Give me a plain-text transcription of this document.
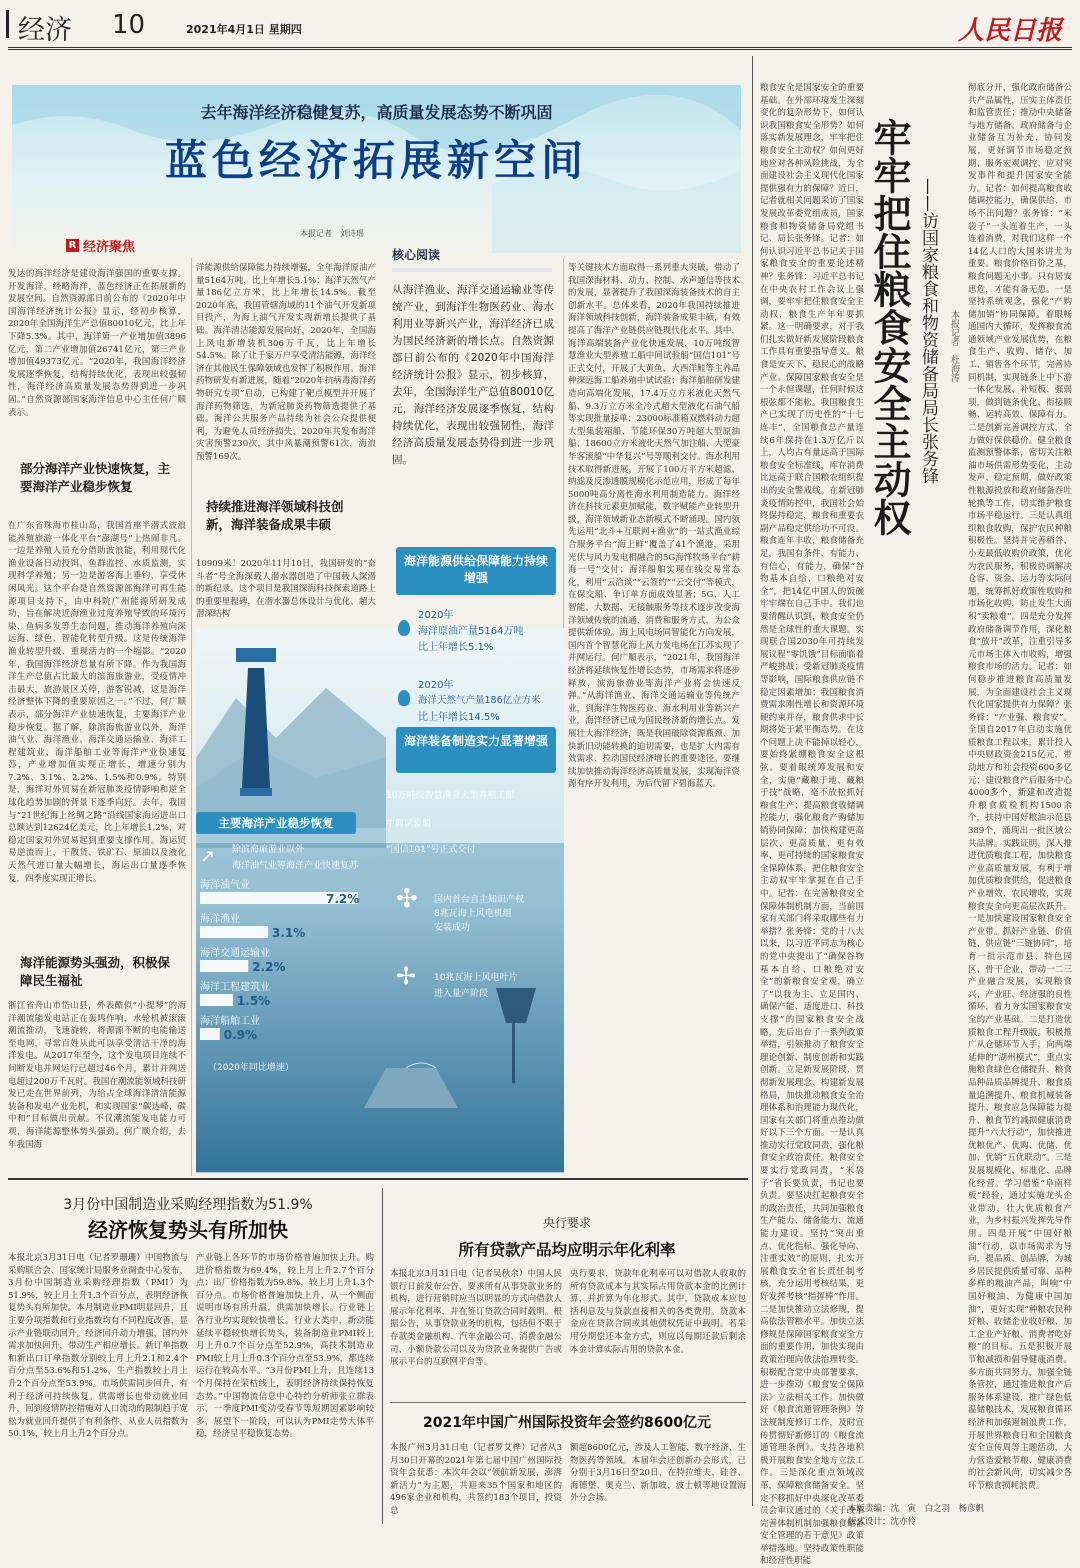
经济 10	2021年4月1日 星期四	人民日报
去年海洋经济稳健复苏，高质量发展态势不断巩固
蓝色经济拓展新空间
本报记者　刘诗瑶
R 经济聚焦
发达的海洋经济是建设海洋强国的重要支撑。开发海洋，经略海洋，蓝色经济正在拓展新的发展空间。自然资源部日前公布的《2020年中国海洋经济统计公报》显示，经初步核算，2020年全国海洋生产总值80010亿元，比上年下降5.3%。其中，海洋第一产业增加值3896亿元，第二产业增加值26741亿元，第三产业增加值49373亿元。“2020年，我国海洋经济发展逐季恢复，结构持续优化，表现出较强韧性，海洋经济高质量发展态势得到进一步巩固。”自然资源部国家海洋信息中心主任何广顺表示。
部分海洋产业快速恢复，主要海洋产业稳步恢复
在广东省珠海市桂山岛，我国首座半潜式波浪能养殖旅游一体化平台“澎湖号”上热闹非凡。一边是养殖人员充分借助波浪能，利用现代化渔业设备日动投饵、鱼群监控、水质监测，实现科学养殖；另一边是游客海上垂钓，享受休闲风光。这个平台是自然资源部海洋可再生能源项目支持下，由中科院广州能源所研发成功，旨在解决近海渔业过度养殖导致的环境污染、鱼病多发等生态问题，推动海洋养殖向深远海、绿色、智能化转型升级。这是传统海洋渔业转型升级、重现活力的一个缩影。“2020年，我国海洋经济总量有所下降。作为我国海洋生产总值占比最大的滨海旅游业，受疫情冲击最大，旅游景区关停，游客锐减，这是海洋经济整体下降的重要原因之一。”不过，何广顺表示，部分海洋产业快速恢复，主要海洋产业稳步恢复。据了解，除滨海旅游业以外，海洋油气业、海洋渔业、海洋交通运输业、海洋工程建筑业、海洋船舶工业等海洋产业快速复苏，产业增加值实现正增长，增速分别为7.2%、3.1%、2.2%、1.5%和0.9%。特别是，海洋对外贸易在新冠肺炎疫情影响和逆全球化趋势加剧的背景下逐季向好。去年，我国与“21世纪海上丝绸之路”沿线国家海运进出口总额达到12624亿美元，比上年增长1.2%，对稳定国家对外贸易起到重要支撑作用。海运贸易逆流而上，干散货、铁矿石、原油以及液化天然气进口量大幅增长，海运出口量逐季恢复，四季度实现正增长。
海洋能源势头强劲，积极保障民生福祉
浙江省舟山市岱山县，外表酷似“小提琴”的海洋潮流能发电站正在轰鸣作响，水轮机被滚滚潮流推动，飞速旋转，将源源不断的电能输送至电网，寻常百姓从此可以享受清洁干净的海洋发电。从2017年至今，这个发电项目连续不间断发电并网运行已超过46个月，累计并网送电超过200万千瓦时。我国在潮流能领域科技研发已走在世界前列，为给占全球海洋清洁能源装备和发电产业先机，和实现国家“碳达峰、碳中和”目标做出贡献。不仅潮流能发电能力可观，海洋能源整体势头强劲。何广顺介绍，去年我国海
洋能源供给保障能力持续增强，全年海洋原油产量5164万吨，比上年增长5.1%；海洋天然气产量186亿立方米，比上年增长14.5%。截至2020年底，我国管辖海域的11个油气开发新项目投产，为海上油气开发实现新增长提供了基础。海洋清洁能源发展向好，2020年，全国海上风电新增装机306万千瓦，比上年增长54.5%。除了让千家万户享受清洁能源，海洋经济在其他民生保障领域也发挥了积极作用。海洋药物研发有新进展，随着“2020年抗病毒海洋药物研究专项”启动，已构建了靶点模型并开展了海洋药物筛选，为新冠肺炎药物筛选提供了基础。海洋公共服务产品持续为社会公众提供便利，为避免人员经济损失，2020年共发布海洋灾害预警230次，其中风暴潮预警61次，海浪预警169次。
持续推进海洋领域科技创新，海洋装备成果丰硕
10909米！2020年11月10日，我国研发的“奋斗者”号全海深载人潜水器创造了中国载人深潜的新纪录。这个项目是我国深海科技探索道路上的重要里程碑，在潜水器总体设计与优化、超大潜深结构
核心阅读
从海洋渔业、海洋交通运输业等传统产业，到海洋生物医药业、海水利用业等新兴产业，海洋经济已成为国民经济新的增长点。自然资源部日前公布的《2020年中国海洋经济统计公报》显示，初步核算，去年，全国海洋生产总值80010亿元，海洋经济发展逐季恢复，结构持续优化，表现出较强韧性，海洋经济高质量发展态势得到进一步巩固。
等关键技术方面取得一系列重大突破，带动了我国深海材料、动力、控制、水声通信等技术的发展，显著提升了我国深海装备技术的自主创新水平。总体来看，2020年我国持续推进海洋领域科技创新，海洋装备成果丰硕，有效提高了海洋产业链供应链现代化水平。其中，海洋高端装备产业化快速发展，10万吨级智慧渔业大型养殖工船中间试验船“国信101”号正式交付，开展了大黄鱼、大西洋鲑等主养品种深远海工船养殖中试试验；海洋船舶研发建造向高端化发展，17.4万立方米液化天然气船、9.3万立方米全冷式超大型液化石油气船等实现批量接单；23000标准箱双燃料动力超大型集装箱船、节能环保30万吨超大型原油船、18600立方米液化天然气加注船、大型豪华客滚船“中华复兴”号等顺利交付。海水利用技术取得新进展，开展了100万平方米超滤、纳滤及反渗透膜规模化示范应用，形成了每年5000吨高分离性海水利用制造能力。海洋经济在科技元素更加赋能，数字赋能产业转型升级，海洋领域新业态新模式不断涌现。国内领先运用“北斗+互联网+渔业”的一站式渔业综合服务平台“海上鲜”覆盖了41个渔港，采用光伏与风力发电相融合的5G海洋牧场平台“耕海一号”交付；海洋船舶实现在线交易常态化，利用“云洽谈”“云签约”“云交付”等模式，在保交船、争订单方面成效显著；5G、人工智能、大数据、无接触服务等技术逐步改变海洋领域传统的流通、消费和服务方式，为公众提供新体验。海上风电场同智能化方向发展，国内首个智慧化海上风力发电场在江苏实现了并网运行。何广顺表示，“2021年，我国海洋经济将延续恢复性增长态势，市场需求将逐步释放，滨海旅游业等海洋产业将会快速反弹。”从海洋渔业、海洋交通运输业等传统产业，到海洋生物医药业、海水利用业等新兴产业，海洋经济已成为国民经济新的增长点。发展壮大海洋经济，既是我国破除资源瓶颈、加快新旧动能转换的迫切需要，也是扩大内需有效需求、拉动国民经济增长的重要途径。要继续加快推动海洋经济高质量发展，实现海洋资源有序开发利用，为后代留下碧海蓝天。
海洋能源供给保障能力持续增强
2020年
海洋原油产量5164万吨
比上年增长5.1%
2020年
海洋天然气产量186亿立方米
比上年增长14.5%
海洋装备制造实力显著增强
10万吨级智慧渔业大型养殖工船
中间试验船
“国信101”号正式交付
✣ 国内首台自主知识产权
8兆瓦海上风电机组
安装成功
✢ 10兆瓦海上风电叶片
进入量产阶段
主要海洋产业稳步恢复
↗ 除滨海旅游业以外
海洋油气业等海洋产业快速复苏
海洋油气业
7.2%
海洋渔业
3.1%
海洋交通运输业
2.2%
海洋工程建筑业
1.5%
海洋船舶工业
0.9%
（2020年同比增速）
粮食安全是国家安全的重要基础。在外部环境发生深刻变化的复杂形势下，如何认识我国粮食安全形势？如何落实新发展理念，牢牢把住粮食安全主动权？如何更好地应对各种风险挑战，为全面建设社会主义现代化国家提供强有力的保障？近日，记者就相关问题采访了国家发展改革委党组成员，国家粮食和物资储备局党组书记、局长张务锋。记者：如何认识习近平总书记关于国家粮食安全的重要论述精神？张务锋：习近平总书记在中央农村工作会议上强调，要牢牢把住粮食安全主动权，粮食生产年年要抓紧。这一明确要求，对于我们扎实做好新发展阶段粮食工作具有重要指导意义。粮食是安天下、稳民心的战略产业。保障国家粮食安全是一个永恒课题，任何时候这根弦都不能松。我国粮食生产已实现了历史性的“十七连丰”，全国粮食总产量连续6年保持在1.3万亿斤以上，人均占有量远高于国际粮食安全标准线，库存消费比远高于联合国粮农组织提出的安全警戒线。在新冠肺炎疫情防控中，我国社会始终保持稳定，粮食和重要农副产品稳定供给功不可没。粮食连年丰收，粮食储备充足，我国有条件、有能力、有信心，有能力，确保“谷物基本自给、口粮绝对安全”，把14亿中国人的饭碗牢牢端在自己手中。我们也要清醒认识到，粮食安全仍然是全球性的重大课题。实现联合国2030年可持续发展议程“零饥饿”目标面临着严峻挑战；受新冠肺炎疫情等影响，国际粮食供应链不稳定因素增加；我国粮食消费需求刚性增长和资源环境硬约束并存，粮食供求中长期将处于紧平衡态势。在这个问题上决不能掉以轻心，要始终紧绷粮食安全这根弦。要着眼统筹发展和安全，实施“藏粮于地、藏粮于技”战略，毫不放松抓好粮食生产；提高粮食收储调控能力，强化粮食产购储加销协同保障；加快构建更高层次、更高质量、更有效率、更可持续的国家粮食安全保障体系，把住粮食安全主动权牢牢掌握在自己手中。记者：在完善粮食安全保障体制机制方面，当前国家有关部门将采取哪些有力举措？张务锋：党的十八大以来，以习近平同志为核心的党中央提出了“确保谷物基本自给、口粮绝对安全”的新粮食安全观，确立了“以我为主、立足国内、确保产能、适度进口、科技支撑”的国家粮食安全战略，先后出台了一系列政策举措，引领推动了粮食安全理论创新、制度创新和实践创新。立足新发展阶段、贯彻新发展理念、构建新发展格局，加快推动粮食安全治理体系和治理能力现代化，国家有关部门将重点推动做好以下三个方面。一是认真推动实行党政同责，强化粮食安全政治责任。粮食安全要实行党政同责，“米袋子”省长要负责，书记也要负责。要坚决扛起粮食安全的政治责任，共同加强粮食生产能力、储备能力、流通能力建设。坚持“突出重点、优化指标、强化导向、注重实效”的原则，扎实开展粮食安全省长责任制考核，充分运用考核结果，更好发挥考核“指挥棒”作用。二是加快推动立法修规，提高依法管粮水平。加快立法修规是保障国家粮食安全方面的重要作用，加快实现由政策治理向依法治理转变。积极配合党中央部署要求，进一步推动《粮食安全保障法》立法相关工作。加快做好《粮食流通管理条例》等法规制度修订工作，及时宣传贯彻好新修订的《粮食流通管理条例》。支持各地积极开展粮食安全地方立法工作。三是深化重点领域改革，保障粮食储备安全。坚定不移抓好中央深化改革委员会审议通过的《关于改革完善体制机制加强粮食储备安全管理的若干意见》政策举措落地。坚持政策性职能和经营性职能
牢牢把住粮食安全主动权 ——访国家粮食和物资储备局局长张务锋	本报记者　杜海涛
彻底分开，强化政府储备公共产品属性，压实主体责任和监管责任；推动中央储备与地方储备、政府储备与企业储备互为补充、协同发展，更好调节市场稳定预期、服务宏观调控、应对突发事件和提升国家安全能力。记者：如何提高粮食收储调控能力，确保供给、市场不出问题？张务锋：“米袋子”一头连着生产，一头连着消费，对我们这样一个14亿人口的大国来讲尤为重要。粮食价格百价之基，粮食问题无小事。只有居安思危，才能有备无患。一是坚持系统观念，强化“产购储加销”协同保障。着眼畅通国内大循环，发挥粮食流通领域产业发展优势，在粮食生产、收购、储存、加工、销售各个环节，完善协同机制，实现链条上中下游一体化发展、补短板、强弱项，做到链条优化、衔接顺畅、运转高效、保障有力。二是创新完善调控方式，全力做好保供稳价。健全粮食监测预警体系，密切关注粮油市场供需形势变化，主动发声、稳定预期，做好政策性粮源投放和政府储备吞吐轮换等工作，切实维护粮食市场平稳运行。三是认真组织粮食收购，保护农民种粮积极性。坚持并完善稻谷、小麦最低收购价政策，优化为农民服务，积极协调解决仓容、资金、运力等实际问题，统筹抓好政策性收购和市场化收购，防止发生大面积“卖粮难”。四是充分发挥政府储备调节作用，深化粮食“放开”改革，注重引导多元市场主体入市收购，增强粮食市场的活力。记者：如何稳步推进粮食高质量发展，为全面建设社会主义现代化国家提供有力保障？张务锋：“产业强、粮食安”。全国自2017年启动实施优质粮食工程以来，累计投入中央财政资金215亿元，带动地方和社会投资600多亿元；建设粮食产后服务中心4000多个，新建和改造提升粮食质检机构1500余个，扶持中国好粮油示范县389个，涌现出一批区域公共品牌。实践证明，深入推进优质粮食工程，加快粮食产业高质量发展，有利于增加优质粮食供给，促进粮食产业增效、农民增收，实现粮食安全向更高层次跃升。一是加快建设国家粮食安全产业带。抓好产业链、价值链、供应链“三链协同”，培育一批示范市县、特色园区、骨干企业，带动一二三产业融合发展，实现粮食兴、产业旺、经济强的良性循环，着力夯实国家粮食安全的产业基础。二是打造优质粮食工程升级版。积极推广从仓储环节入手，向两端延伸的“湖州模式”，重点实施粮食绿色仓储提升、粮食品种品质品牌提升、粮食质量追溯提升、粮食机械装备提升、粮食应急保障能力提升、粮食节约减损健康消费提升“六大行动”，加快推进优粮优产、优购、优储、优加、优销“五优联动”。三是发展规模化、标准化、品牌化经营。学习借鉴“阜南样板”经验，通过实施龙头企业带动，壮大优质粮食产业，为乡村振兴发挥先导作用。四是开展“中国好粮油”行动，以市场需求为导向，提品质、创品牌，为城乡居民提供质量可靠、品种多样的粮油产品，叫响“中国好粮油、为健康中国加油”，更好实现“种粮农民种好粮、收储企业收好粮、加工企业产好粮、消费者吃好粮”的目标。五是积极开展节粮减损和倡导健康消费。多方面共同努力，加强全链条管控，通过推进粮食产后服务体系建设，推广绿色低温储粮技术，发展粮食循环经济和加强遏制浪费工作，开展世界粮食日和全国粮食安全宣传周等主题活动，大力营造爱粮节粮、健康消费的社会新风尚，切实减少各环节粮食损耗浪费。
3月份中国制造业采购经理指数为51.9%
经济恢复势头有所加快
本报北京3月31日电（记者罗珊珊）中国物流与采购联合会、国家统计局服务业调查中心发布，3月份中国制造业采购经理指数（PMI）为51.9%，较上月上升1.3个百分点，表明经济恢复势头有所加快。本月制造业PMI明显回升，且主要分项指数和行业指数均有不同程度改善，显示产业链联动回升。经济回升动力增强，国内外需求加快回升，带动生产相应增长。新订单指数和新出口订单指数分别较上月上升2.1和2.4个百分点至53.6%和51.2%，生产指数较上月上升2个百分点至53.9%。市场供需同步回升，有利于经济可持续恢复。供需增长也带动就业回升，回到疫情防控措施对人口流动的限制趋于宽松为就业回升提供了有利条件，从业人员指数为50.1%，较上月上升2个百分点。
产业链上各环节的市场价格普遍加快上升。购进价格指数为69.4%，较上月上升2.7个百分点；出厂价格指数为59.8%，较上月上升1.3个百分点。市场价格普遍加快上升，从一个侧面说明市场有所升温，供需加快增长。行业链上各行业均实现较快增长。行业大类中，新动能延续平稳较快增长势头，装备制造业PMI较上月上升0.7个百分点至52.9%，高技术制造业PMI较上月上升0.3个百分点至53.9%，都连续运行在较高水平。“3月份PMI上升，且连续13个月保持在荣枯线上，表明经济持续保持恢复态势。”中国物流信息中心特约分析师张立群表示，一季度PMI变动受春节等短期因素影响较多，展望下一阶段，可以认为PMI走势大体平稳，经济呈平稳恢复态势。
央行要求
所有贷款产品均应明示年化利率
本报北京3月31日电（记者吴秋余）中国人民银行日前发布公告，要求所有从事贷款业务的机构，进行营销时应当以明显的方式向借款人展示年化利率，并在签订贷款合同时载明。根据公告，从事贷款业务的机构，包括但不限于存款类金融机构、汽车金融公司、消费金融公司、小额贷款公司以及为贷款业务提供广告或展示平台的互联网平台等。
央行要求，贷款年化利率可以对借款人收取的所有贷款成本与其实际占用贷款本金的比例计算，并折算为年化形式。其中，贷款成本应包括利息及与贷款直接相关的各类费用。贷款本金应在贷款合同或其他债权凭证中载明。若采用分期偿还本金方式，则应以每期还款后剩余本金计算实际占用的贷款本金。
2021年中国广州国际投资年会签约8600亿元
本报广州3月31日电（记者罗艾桦）记者从3月30日开幕的2021年第七届中国广州国际投资年会获悉：本次年会以“领航新发展，澎湃新活力”为主题，共迎来35个国家和地区的496家企业和机构，共签约183个项目，投资总
额超8600亿元，涉及人工智能、数字经济、生物医药等领域。本届年会还创新办会形式，已分别于3月16日至20日，在特拉维夫、硅谷、海德堡、奥克兰、新加坡、波士顿等地设置海外分会场。
本版责编：沈　寅　白之羽　杨彦帆
版式设计：沈亦伶
